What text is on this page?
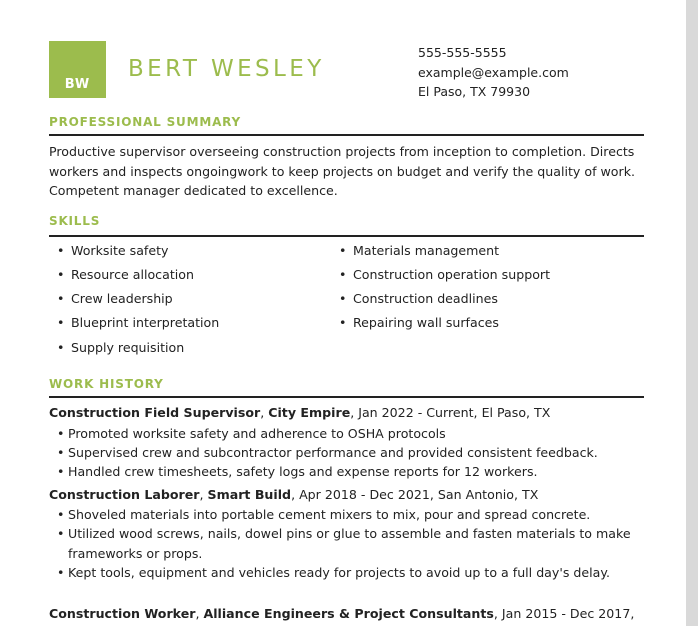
BW
BERT WESLEY
555-555-5555
example@example.com
El Paso, TX 79930
PROFESSIONAL SUMMARY
Productive supervisor overseeing construction projects from inception to completion. Directs workers and inspects ongoingwork to keep projects on budget and verify the quality of work. Competent manager dedicated to excellence.
SKILLS
• Worksite safety
• Resource allocation
• Crew leadership
• Blueprint interpretation
• Supply requisition
• Materials management
• Construction operation support
• Construction deadlines
• Repairing wall surfaces
WORK HISTORY
Construction Field Supervisor, City Empire, Jan 2022 - Current, El Paso, TX
• Promoted worksite safety and adherence to OSHA protocols
• Supervised crew and subcontractor performance and provided consistent feedback.
• Handled crew timesheets, safety logs and expense reports for 12 workers.
Construction Laborer, Smart Build, Apr 2018 - Dec 2021, San Antonio, TX
• Shoveled materials into portable cement mixers to mix, pour and spread concrete.
• Utilized wood screws, nails, dowel pins or glue to assemble and fasten materials to make frameworks or props.
• Kept tools, equipment and vehicles ready for projects to avoid up to a full day's delay.
Construction Worker, Alliance Engineers & Project Consultants, Jan 2015 - Dec 2017,
